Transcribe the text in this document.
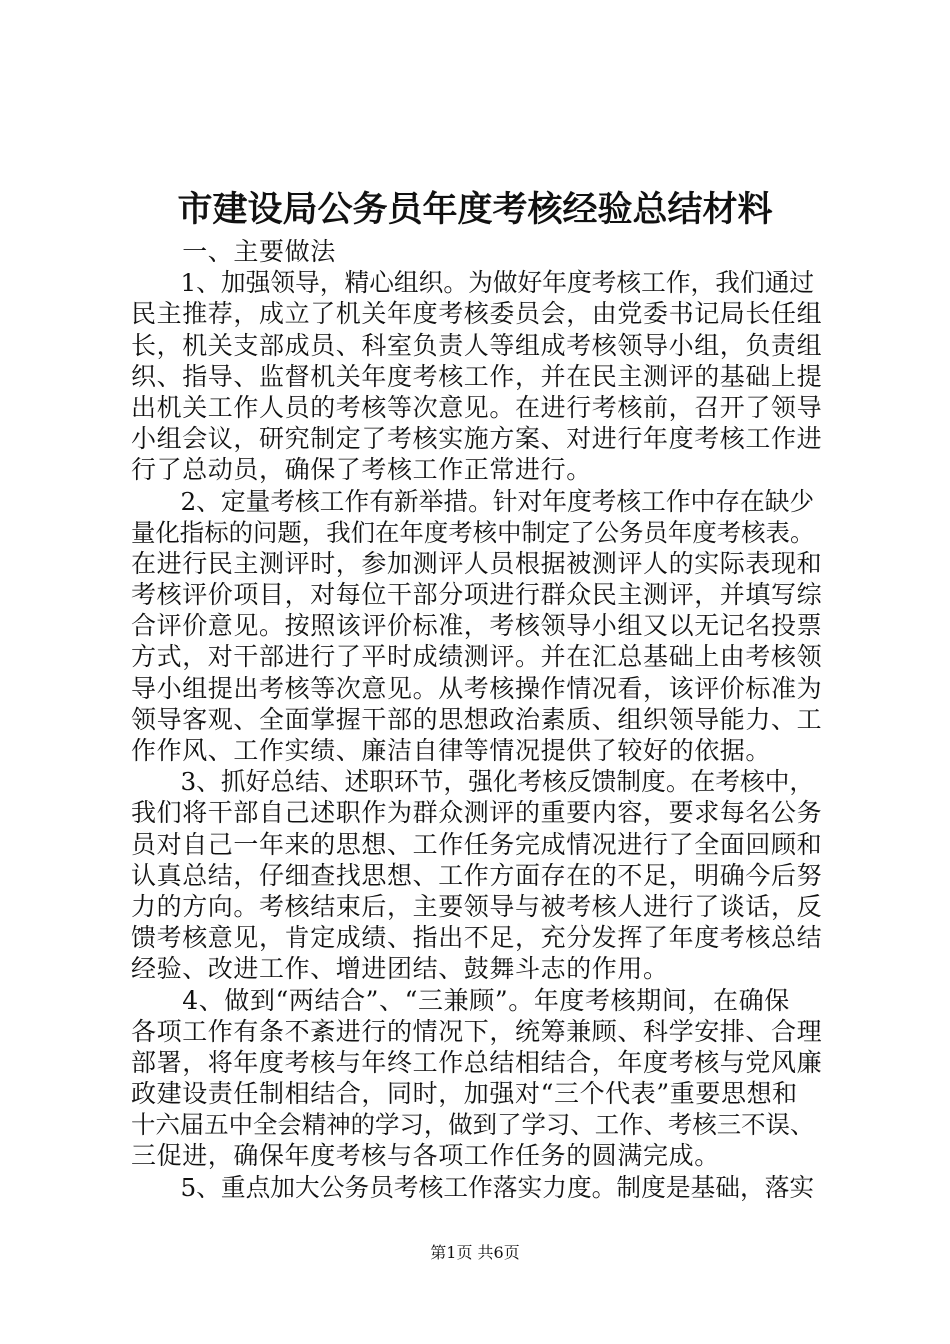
市建设局公务员年度考核经验总结材料

　　一、主要做法

　　1、加强领导，精心组织。为做好年度考核工作，我们通过

民主推荐，成立了机关年度考核委员会，由党委书记局长任组

长，机关支部成员、科室负责人等组成考核领导小组，负责组

织、指导、监督机关年度考核工作，并在民主测评的基础上提

出机关工作人员的考核等次意见。在进行考核前，召开了领导

小组会议，研究制定了考核实施方案、对进行年度考核工作进

行了总动员，确保了考核工作正常进行。

　　2、定量考核工作有新举措。针对年度考核工作中存在缺少

量化指标的问题，我们在年度考核中制定了公务员年度考核表。

在进行民主测评时，参加测评人员根据被测评人的实际表现和

考核评价项目，对每位干部分项进行群众民主测评，并填写综

合评价意见。按照该评价标准，考核领导小组又以无记名投票

方式，对干部进行了平时成绩测评。并在汇总基础上由考核领

导小组提出考核等次意见。从考核操作情况看，该评价标准为

领导客观、全面掌握干部的思想政治素质、组织领导能力、工

作作风、工作实绩、廉洁自律等情况提供了较好的依据。

　　3、抓好总结、述职环节，强化考核反馈制度。在考核中，

我们将干部自己述职作为群众测评的重要内容，要求每名公务

员对自己一年来的思想、工作任务完成情况进行了全面回顾和

认真总结，仔细查找思想、工作方面存在的不足，明确今后努

力的方向。考核结束后，主要领导与被考核人进行了谈话，反

馈考核意见，肯定成绩、指出不足，充分发挥了年度考核总结

经验、改进工作、增进团结、鼓舞斗志的作用。

　　4、做到“两结合”、“三兼顾”。年度考核期间，在确保

各项工作有条不紊进行的情况下，统筹兼顾、科学安排、合理

部署，将年度考核与年终工作总结相结合，年度考核与党风廉

政建设责任制相结合，同时，加强对“三个代表”重要思想和

十六届五中全会精神的学习，做到了学习、工作、考核三不误、

三促进，确保年度考核与各项工作任务的圆满完成。

　　5、重点加大公务员考核工作落实力度。制度是基础，落实

第1页 共6页
